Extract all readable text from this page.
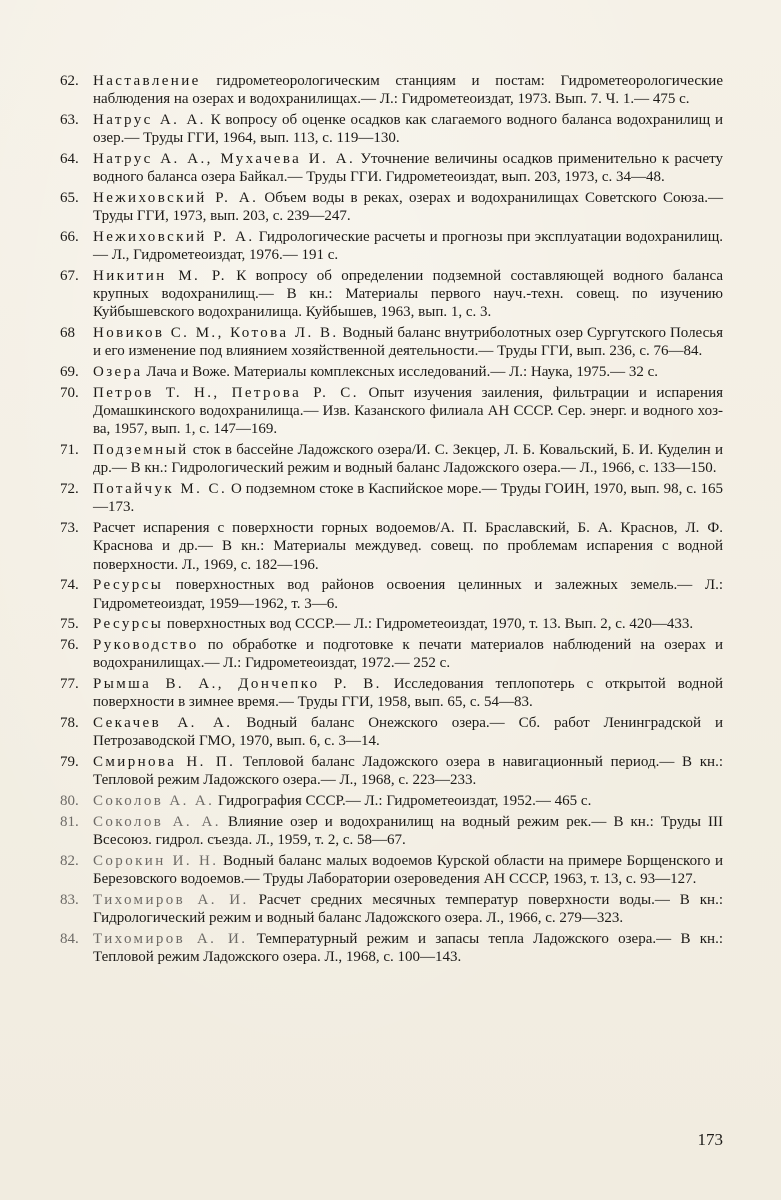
62. Наставление гидрометеорологическим станциям и постам: Гидрометеорологические наблюдения на озерах и водохранилищах.— Л.: Гидрометеоиздат, 1973. Вып. 7. Ч. 1.— 475 с.
63. Натрус А. А. К вопросу об оценке осадков как слагаемого водного баланса водохранилищ и озер.— Труды ГГИ, 1964, вып. 113, с. 119—130.
64. Натрус А. А., Мухачева И. А. Уточнение величины осадков применительно к расчету водного баланса озера Байкал.— Труды ГГИ. Гидрометеоиздат, вып. 203, 1973, с. 34—48.
65. Нежиховский Р. А. Объем воды в реках, озерах и водохранилищах Советского Союза.— Труды ГГИ, 1973, вып. 203, с. 239—247.
66. Нежиховский Р. А. Гидрологические расчеты и прогнозы при эксплуатации водохранилищ.— Л., Гидрометеоиздат, 1976.— 191 с.
67. Никитин М. Р. К вопросу об определении подземной составляющей водного баланса крупных водохранилищ.— В кн.: Материалы первого науч.-техн. совещ. по изучению Куйбышевского водохранилища. Куйбышев, 1963, вып. 1, с. 3.
68	Новиков С. М., Котова Л. В. Водный баланс внутриболотных озер Сургутского Полесья и его изменение под влиянием хозяйственной деятельности.— Труды ГГИ, вып. 236, с. 76—84.
69. Озера Лача и Воже. Материалы комплексных исследований.— Л.: Наука, 1975.— 32 с.
70. Петров Т. Н., Петрова Р. С. Опыт изучения заиления, фильтрации и испарения Домашкинского водохранилища.— Изв. Казанского филиала АН СССР. Сер. энерг. и водного хоз-ва, 1957, вып. 1, с. 147—169.
71. Подземный сток в бассейне Ладожского озера/И. С. Зекцер, Л. Б. Ковальский, Б. И. Куделин и др.— В кн.: Гидрологический режим и водный баланс Ладожского озера.— Л., 1966, с. 133—150.
72. Потайчук М. С. О подземном стоке в Каспийское море.— Труды ГОИН, 1970, вып. 98, с. 165—173.
73. Расчет испарения с поверхности горных водоемов/А. П. Браславский, Б. А. Краснов, Л. Ф. Краснова и др.— В кн.: Материалы междувед. совещ. по проблемам испарения с водной поверхности. Л., 1969, с. 182—196.
74. Ресурсы поверхностных вод районов освоения целинных и залежных земель.— Л.: Гидрометеоиздат, 1959—1962, т. 3—6.
75. Ресурсы поверхностных вод СССР.— Л.: Гидрометеоиздат, 1970, т. 13. Вып. 2, с. 420—433.
76. Руководство по обработке и подготовке к печати материалов наблюдений на озерах и водохранилищах.— Л.: Гидрометеоиздат, 1972.— 252 с.
77. Рымша В. А., Дончепко Р. В. Исследования теплопотерь с открытой водной поверхности в зимнее время.— Труды ГГИ, 1958, вып. 65, с. 54—83.
78. Секачев А. А. Водный баланс Онежского озера.— Сб. работ Ленинградской и Петрозаводской ГМО, 1970, вып. 6, с. 3—14.
79. Смирнова Н. П. Тепловой баланс Ладожского озера в навигационный период.— В кн.: Тепловой режим Ладожского озера.— Л., 1968, с. 223—233.
80. Соколов А. А. Гидрография СССР.— Л.: Гидрометеоиздат, 1952.— 465 с.
81. Соколов А. А. Влияние озер и водохранилищ на водный режим рек.— В кн.: Труды III Всесоюз. гидрол. съезда. Л., 1959, т. 2, с. 58—67.
82. Сорокин И. Н. Водный баланс малых водоемов Курской области на примере Борщенского и Березовского водоемов.— Труды Лаборатории озероведения АН СССР, 1963, т. 13, с. 93—127.
83. Тихомиров А. И. Расчет средних месячных температур поверхности воды.— В кн.: Гидрологический режим и водный баланс Ладожского озера. Л., 1966, с. 279—323.
84. Тихомиров А. И. Температурный режим и запасы тепла Ладожского озера.— В кн.: Тепловой режим Ладожского озера. Л., 1968, с. 100—143.
173
